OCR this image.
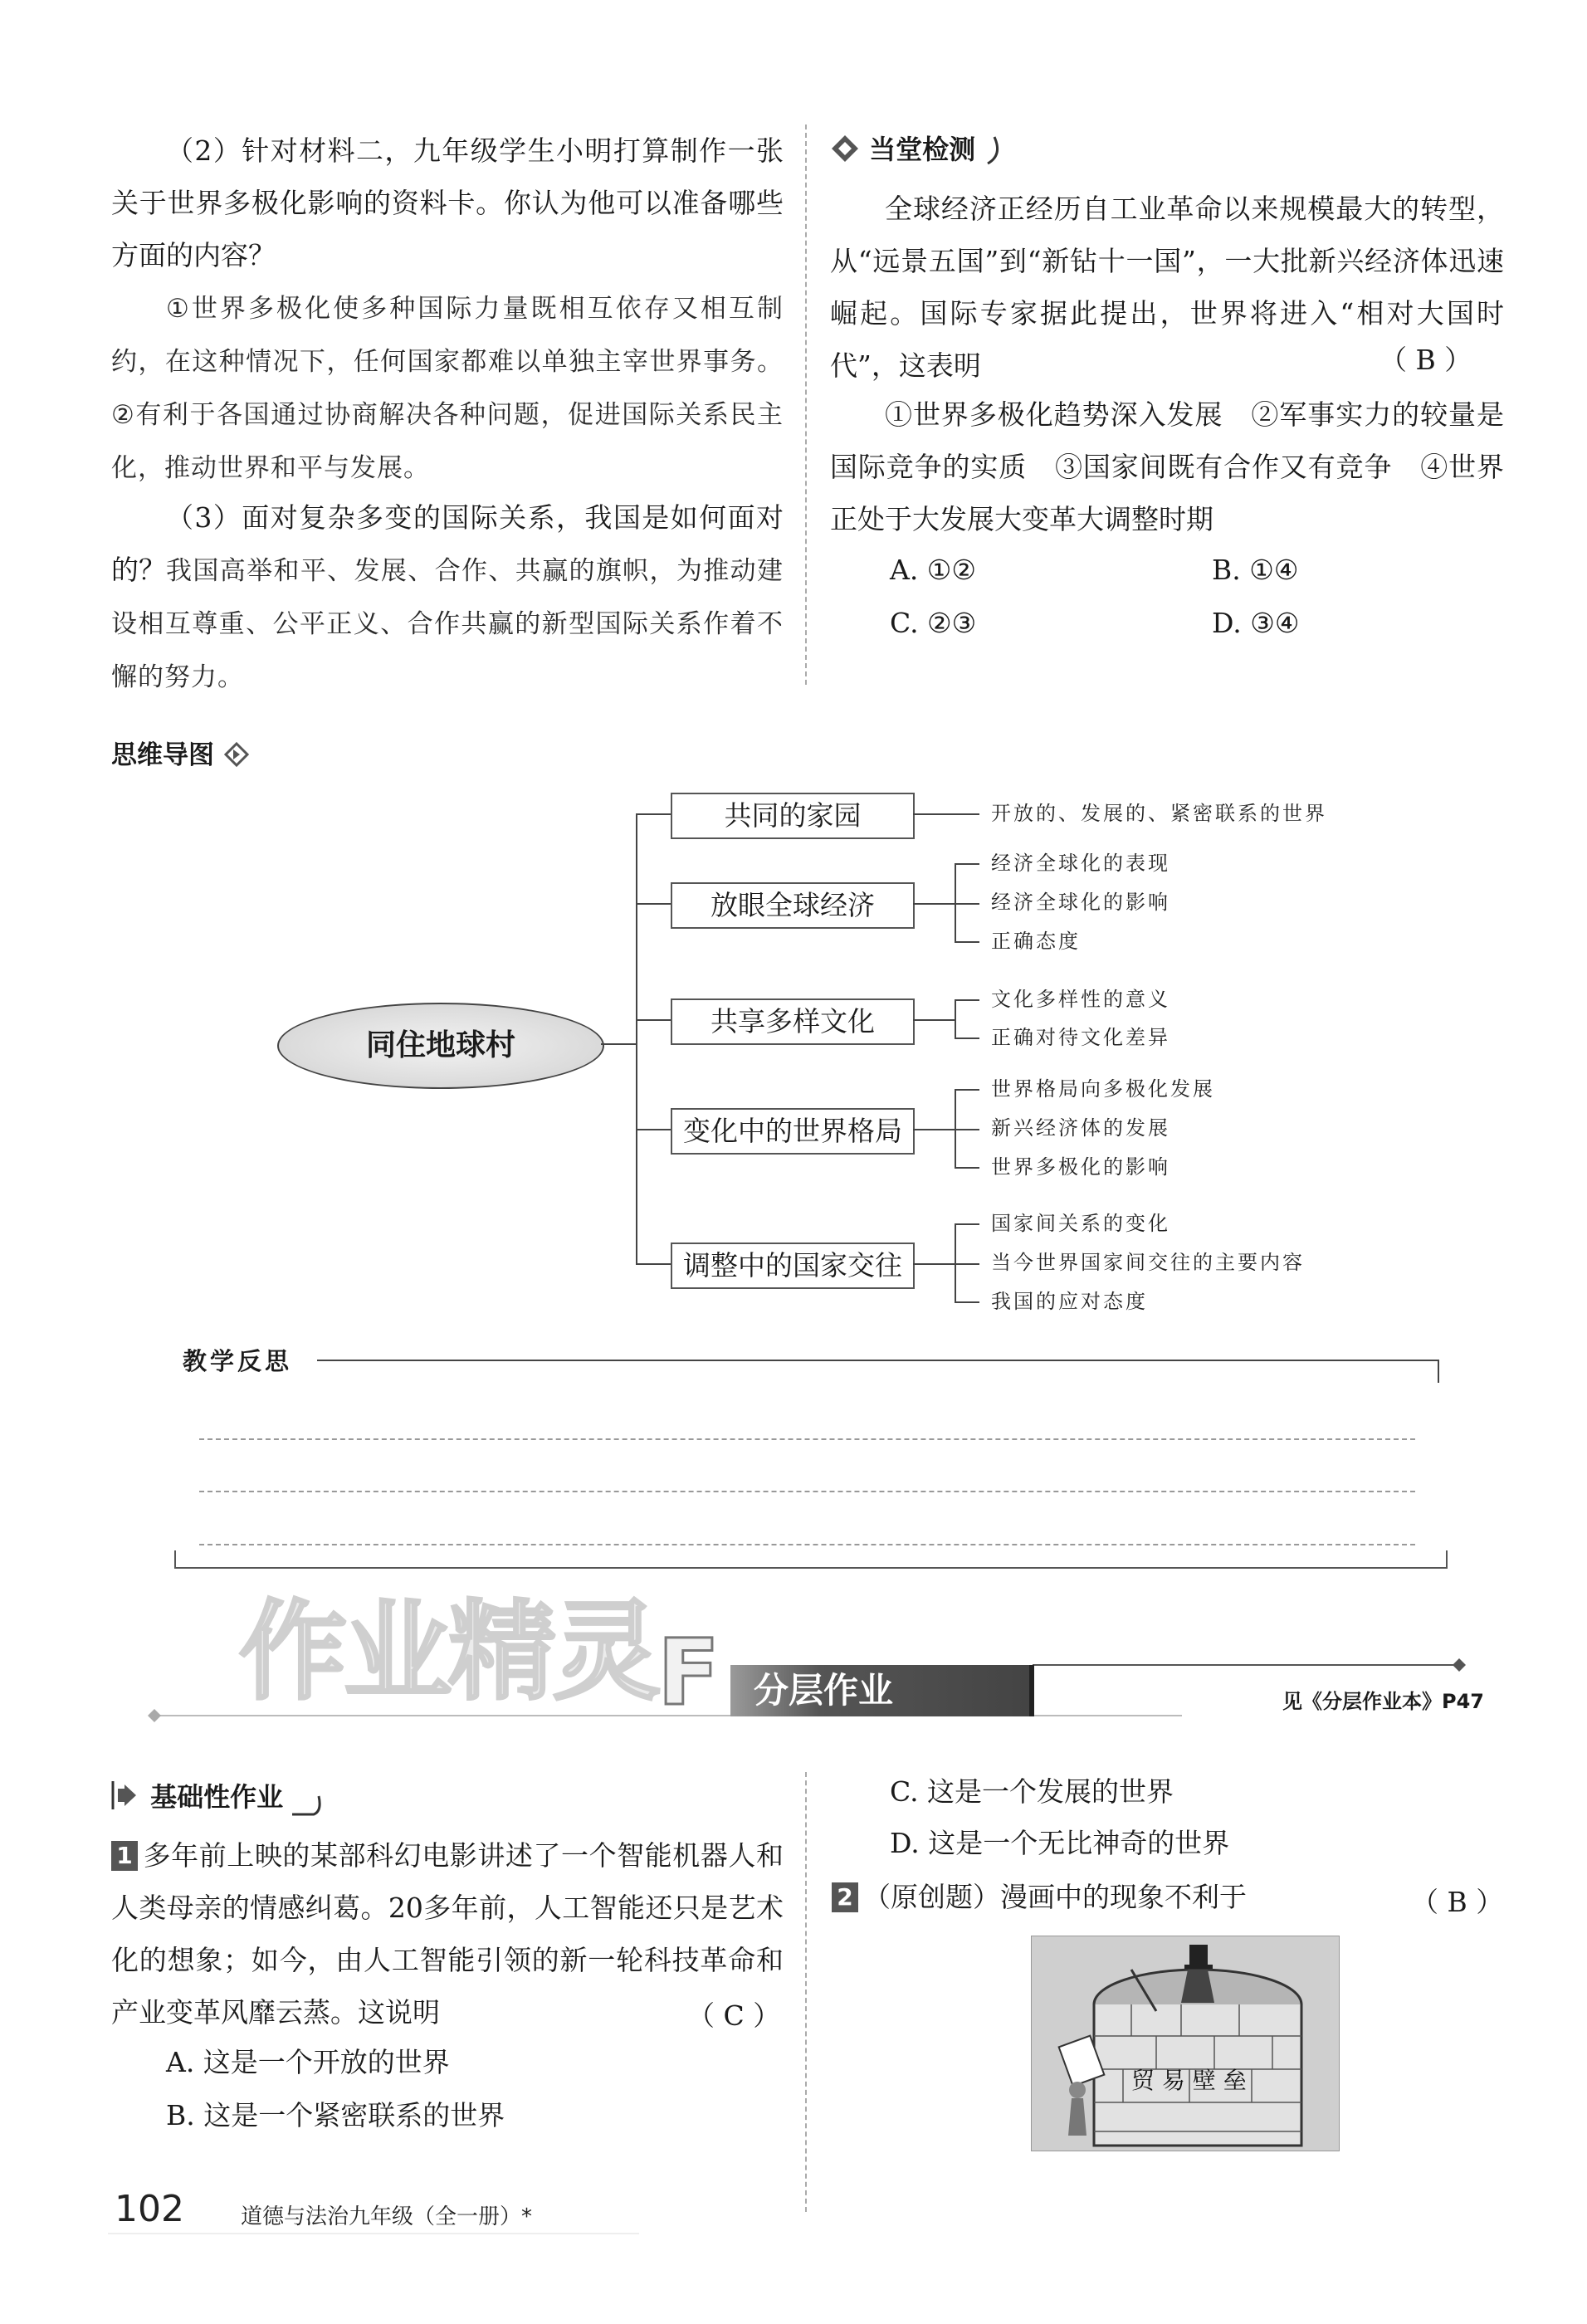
（2）针对材料二，九年级学生小明打算制作一张关于世界多极化影响的资料卡。你认为他可以准备哪些方面的内容？

①世界多极化使多种国际力量既相互依存又相互制约，在这种情况下，任何国家都难以单独主宰世界事务。②有利于各国通过协商解决各种问题，促进国际关系民主化，推动世界和平与发展。

（3）面对复杂多变的国际关系，我国是如何面对的？ 我国高举和平、发展、合作、共赢的旗帜，为推动建设相互尊重、公平正义、合作共赢的新型国际关系作着不懈的努力。

当堂检测

全球经济正经历自工业革命以来规模最大的转型，从“远景五国”到“新钻十一国”，一大批新兴经济体迅速崛起。国际专家据此提出，世界将进入“相对大国时代”，这表明	（ B ）

①世界多极化趋势深入发展　②军事实力的较量是国际竞争的实质　③国家间既有合作又有竞争　④世界正处于大发展大变革大调整时期

A. ①②	B. ①④
C. ②③	D. ③④
思维导图
同住地球村
共同的家园	开放的、发展的、紧密联系的世界
放眼全球经济
经济全球化的表现
经济全球化的影响
正确态度
共享多样文化
文化多样性的意义
正确对待文化差异
变化中的世界格局
世界格局向多极化发展
新兴经济体的发展
世界多极化的影响
调整中的国家交往
国家间关系的变化
当今世界国家间交往的主要内容
我国的应对态度
教学反思
作业精灵 F 分层作业	见《分层作业本》P47
基础性作业

1 多年前上映的某部科幻电影讲述了一个智能机器人和人类母亲的情感纠葛。20多年前，人工智能还只是艺术化的想象；如今，由人工智能引领的新一轮科技革命和产业变革风靡云蒸。这说明	（ C ）
A. 这是一个开放的世界
B. 这是一个紧密联系的世界
C. 这是一个发展的世界
D. 这是一个无比神奇的世界
2 （原创题）漫画中的现象不利于	（ B ）
贸 易 壁 垒
102	道德与法治九年级（全一册）*
